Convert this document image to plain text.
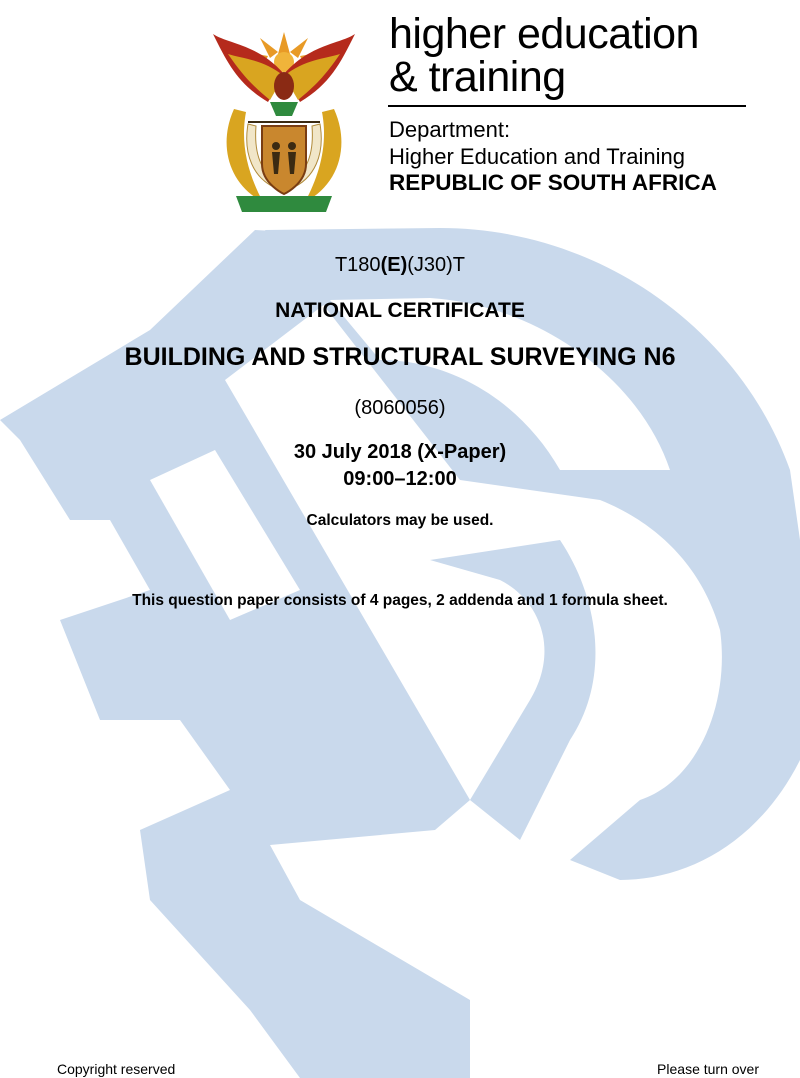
higher education
& training
Department:
Higher Education and Training
REPUBLIC OF SOUTH AFRICA
T180(E)(J30)T
NATIONAL CERTIFICATE
BUILDING AND STRUCTURAL SURVEYING N6
(8060056)
30 July 2018 (X-Paper)
09:00–12:00
Calculators may be used.
This question paper consists of 4 pages, 2 addenda and 1 formula sheet.
Copyright reserved	Please turn over
